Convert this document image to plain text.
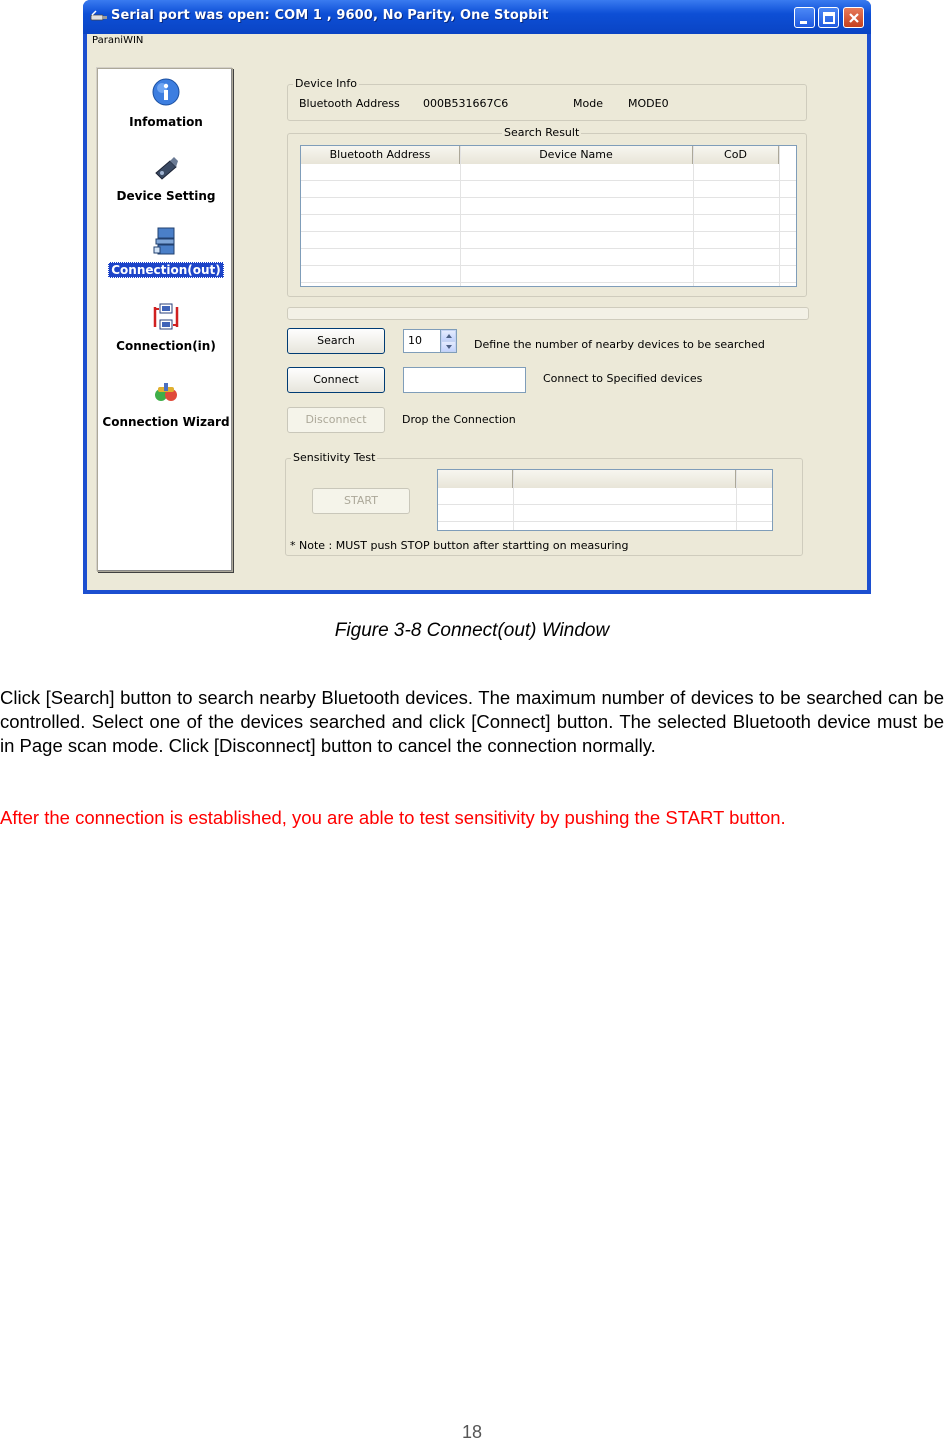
Serial port was open: COM 1 , 9600, No Parity, One Stopbit
ParaniWIN
Infomation
Device Setting
Connection(out)
Connection(in)
Connection Wizard
Device Info
Bluetooth Address 000B531667C6	Mode MODE0
Search Result
Bluetooth Address	Device Name	CoD
Search	10	Define the number of nearby devices to be searched
Connect	Connect to Specified devices
Disconnect	Drop the Connection
Sensitivity Test
START
* Note : MUST push STOP button after startting on measuring
Figure 3-8 Connect(out) Window
Click [Search] button to search nearby Bluetooth devices. The maximum number of devices to be searched can be controlled. Select one of the devices searched and click [Connect] button. The selected Bluetooth device must be in Page scan mode. Click [Disconnect] button to cancel the connection normally.
After the connection is established, you are able to test sensitivity by pushing the START button.
18
